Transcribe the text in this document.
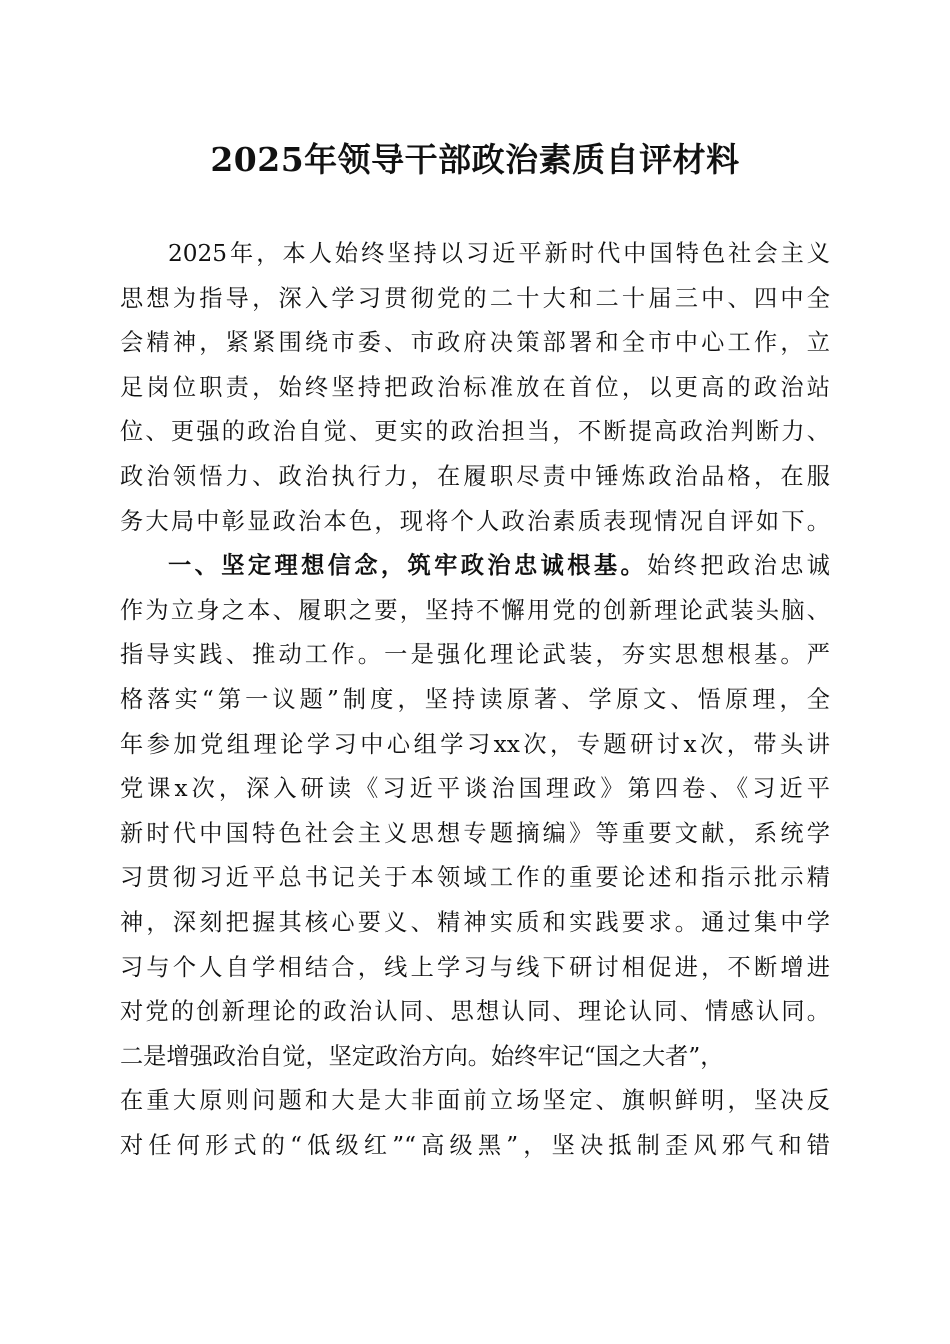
2025年领导干部政治素质自评材料
2025年，本人始终坚持以习近平新时代中国特色社会主义
思想为指导，深入学习贯彻党的二十大和二十届三中、四中全
会精神，紧紧围绕市委、市政府决策部署和全市中心工作，立
足岗位职责，始终坚持把政治标准放在首位，以更高的政治站
位、更强的政治自觉、更实的政治担当，不断提高政治判断力、
政治领悟力、政治执行力，在履职尽责中锤炼政治品格，在服
务大局中彰显政治本色，现将个人政治素质表现情况自评如下。
一、坚定理想信念，筑牢政治忠诚根基。始终把政治忠诚
作为立身之本、履职之要，坚持不懈用党的创新理论武装头脑、
指导实践、推动工作。一是强化理论武装，夯实思想根基。严
格落实“第一议题”制度，坚持读原著、学原文、悟原理，全
年参加党组理论学习中心组学习xx次，专题研讨x次，带头讲
党课x次，深入研读《习近平谈治国理政》第四卷、《习近平
新时代中国特色社会主义思想专题摘编》等重要文献，系统学
习贯彻习近平总书记关于本领域工作的重要论述和指示批示精
神，深刻把握其核心要义、精神实质和实践要求。通过集中学
习与个人自学相结合，线上学习与线下研讨相促进，不断增进
对党的创新理论的政治认同、思想认同、理论认同、情感认同。
二是增强政治自觉，坚定政治方向。始终牢记“国之大者”，
在重大原则问题和大是大非面前立场坚定、旗帜鲜明，坚决反
对任何形式的“低级红”“高级黑”，坚决抵制歪风邪气和错
